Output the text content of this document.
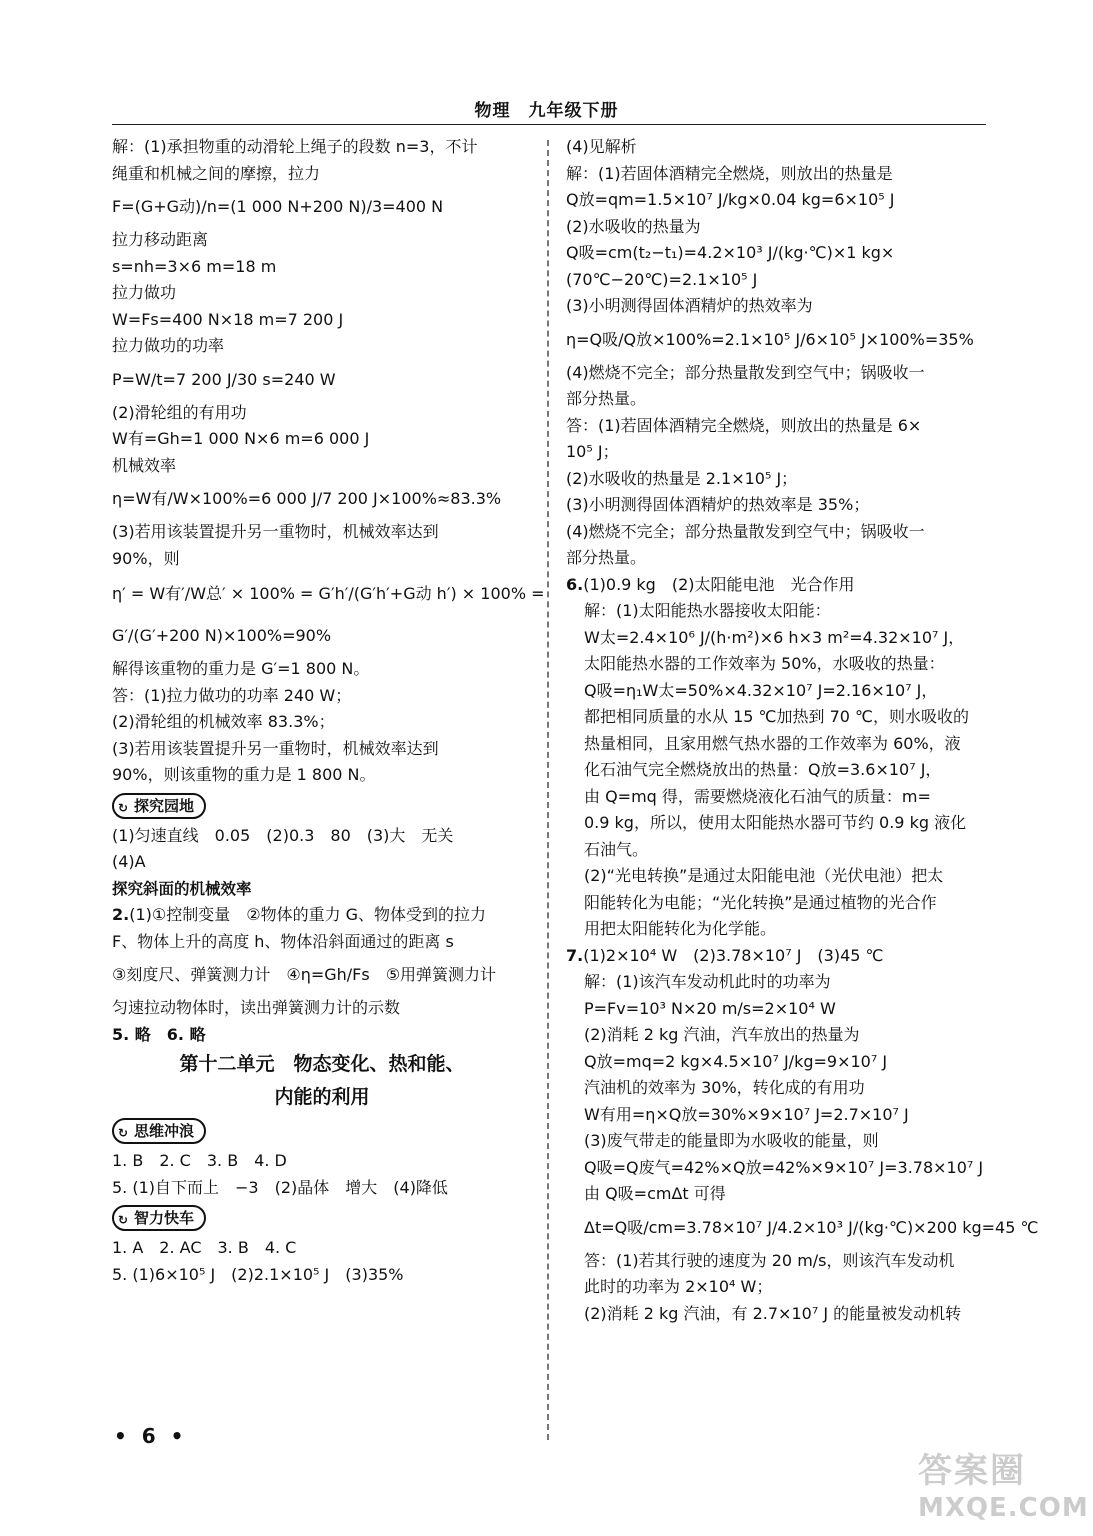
物理　九年级下册
解：(1)承担物重的动滑轮上绳子的段数 n=3，不计
绳重和机械之间的摩擦，拉力
F=(G+G动)/n=(1 000 N+200 N)/3=400 N
拉力移动距离
s=nh=3×6 m=18 m
拉力做功
W=Fs=400 N×18 m=7 200 J
拉力做功的功率
P=W/t=7 200 J/30 s=240 W
(2)滑轮组的有用功
W有=Gh=1 000 N×6 m=6 000 J
机械效率
η=W有/W×100%=6 000 J/7 200 J×100%≈83.3%
(3)若用该装置提升另一重物时，机械效率达到
90%，则
η′ = W有′/W总′ × 100% = G′h′/(G′h′+G动 h′) × 100% =
G′/(G′+200 N)×100%=90%
解得该重物的重力是 G′=1 800 N。
答：(1)拉力做功的功率 240 W；
(2)滑轮组的机械效率 83.3%；
(3)若用该装置提升另一重物时，机械效率达到
90%，则该重物的重力是 1 800 N。
↻ 探究园地
(1)匀速直线　0.05　(2)0.3　80　(3)大　无关
(4)A
探究斜面的机械效率
2.(1)①控制变量　②物体的重力 G、物体受到的拉力
F、物体上升的高度 h、物体沿斜面通过的距离 s
③刻度尺、弹簧测力计　④η=Gh/Fs　⑤用弹簧测力计
匀速拉动物体时，读出弹簧测力计的示数
5. 略　6. 略
第十二单元　物态变化、热和能、
内能的利用
↻ 思维冲浪
1. B　2. C　3. B　4. D
5. (1)自下而上　−3　(2)晶体　增大　(4)降低
↻ 智力快车
1. A　2. AC　3. B　4. C
5. (1)6×10⁵ J　(2)2.1×10⁵ J　(3)35%
(4)见解析
解：(1)若固体酒精完全燃烧，则放出的热量是
Q放=qm=1.5×10⁷ J/kg×0.04 kg=6×10⁵ J
(2)水吸收的热量为
Q吸=cm(t₂−t₁)=4.2×10³ J/(kg·℃)×1 kg×
(70℃−20℃)=2.1×10⁵ J
(3)小明测得固体酒精炉的热效率为
η=Q吸/Q放×100%=2.1×10⁵ J/6×10⁵ J×100%=35%
(4)燃烧不完全；部分热量散发到空气中；锅吸收一
部分热量。
答：(1)若固体酒精完全燃烧，则放出的热量是 6×
10⁵ J；
(2)水吸收的热量是 2.1×10⁵ J；
(3)小明测得固体酒精炉的热效率是 35%；
(4)燃烧不完全；部分热量散发到空气中；锅吸收一
部分热量。
6.(1)0.9 kg　(2)太阳能电池　光合作用
解：(1)太阳能热水器接收太阳能：
W太=2.4×10⁶ J/(h·m²)×6 h×3 m²=4.32×10⁷ J，
太阳能热水器的工作效率为 50%，水吸收的热量：
Q吸=η₁W太=50%×4.32×10⁷ J=2.16×10⁷ J，
都把相同质量的水从 15 ℃加热到 70 ℃，则水吸收的
热量相同，且家用燃气热水器的工作效率为 60%，液
化石油气完全燃烧放出的热量：Q放=3.6×10⁷ J，
由 Q=mq 得，需要燃烧液化石油气的质量：m=
0.9 kg，所以，使用太阳能热水器可节约 0.9 kg 液化
石油气。
(2)“光电转换”是通过太阳能电池（光伏电池）把太
阳能转化为电能；“光化转换”是通过植物的光合作
用把太阳能转化为化学能。
7.(1)2×10⁴ W　(2)3.78×10⁷ J　(3)45 ℃
解：(1)该汽车发动机此时的功率为
P=Fv=10³ N×20 m/s=2×10⁴ W
(2)消耗 2 kg 汽油，汽车放出的热量为
Q放=mq=2 kg×4.5×10⁷ J/kg=9×10⁷ J
汽油机的效率为 30%，转化成的有用功
W有用=η×Q放=30%×9×10⁷ J=2.7×10⁷ J
(3)废气带走的能量即为水吸收的能量，则
Q吸=Q废气=42%×Q放=42%×9×10⁷ J=3.78×10⁷ J
由 Q吸=cmΔt 可得
Δt=Q吸/cm=3.78×10⁷ J/4.2×10³ J/(kg·℃)×200 kg=45 ℃
答：(1)若其行驶的速度为 20 m/s，则该汽车发动机
此时的功率为 2×10⁴ W；
(2)消耗 2 kg 汽油，有 2.7×10⁷ J 的能量被发动机转
• 6 •
答案圈
MXQE.COM
